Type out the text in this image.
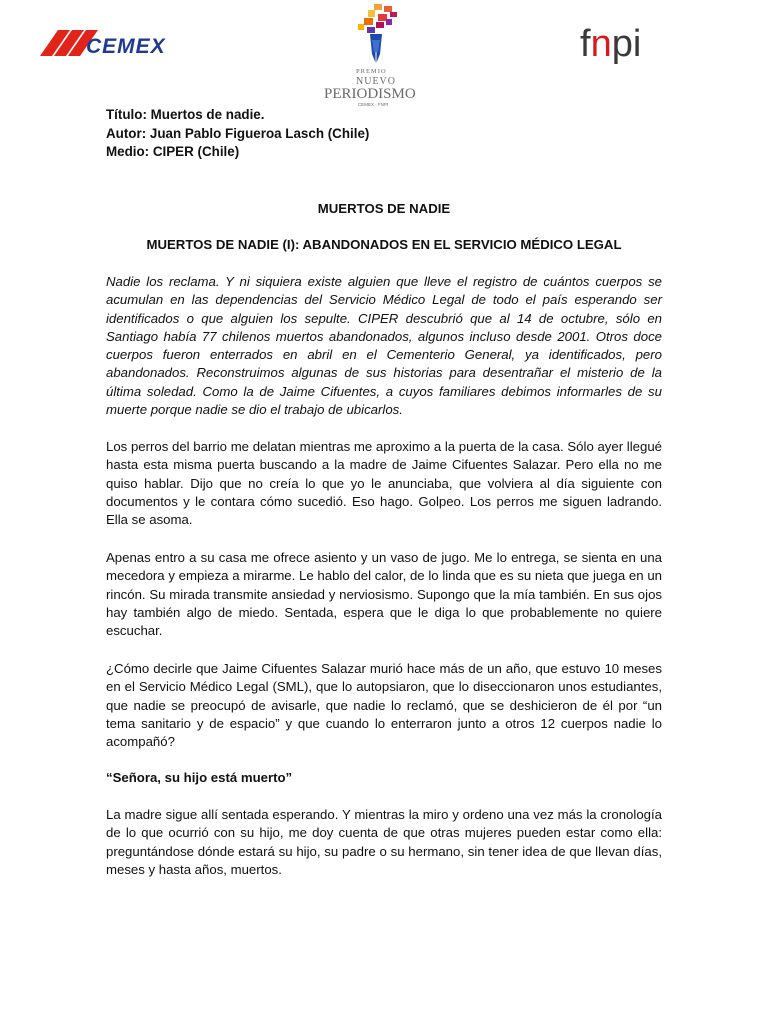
CEMEX
PREMIO
NUEVO
PERIODISMO
CEMEX · FNPI
fnpi

Título: Muertos de nadie.

Autor: Juan Pablo Figueroa Lasch (Chile)

Medio: CIPER (Chile)

MUERTOS DE NADIE

MUERTOS DE NADIE (I): ABANDONADOS EN EL SERVICIO MÉDICO LEGAL

Nadie los reclama. Y ni siquiera existe alguien que lleve el registro de cuántos cuerpos se acumulan en las dependencias del Servicio Médico Legal de todo el país esperando ser identificados o que alguien los sepulte. CIPER descubrió que al 14 de octubre, sólo en Santiago había 77 chilenos muertos abandonados, algunos incluso desde 2001. Otros doce cuerpos fueron enterrados en abril en el Cementerio General, ya identificados, pero abandonados. Reconstruimos algunas de sus historias para desentrañar el misterio de la última soledad. Como la de Jaime Cifuentes, a cuyos familiares debimos informarles de su muerte porque nadie se dio el trabajo de ubicarlos.

Los perros del barrio me delatan mientras me aproximo a la puerta de la casa. Sólo ayer llegué hasta esta misma puerta buscando a la madre de Jaime Cifuentes Salazar. Pero ella no me quiso hablar. Dijo que no creía lo que yo le anunciaba, que volviera al día siguiente con documentos y le contara cómo sucedió. Eso hago. Golpeo. Los perros me siguen ladrando. Ella se asoma.

Apenas entro a su casa me ofrece asiento y un vaso de jugo. Me lo entrega, se sienta en una mecedora y empieza a mirarme. Le hablo del calor, de lo linda que es su nieta que juega en un rincón. Su mirada transmite ansiedad y nerviosismo. Supongo que la mía también. En sus ojos hay también algo de miedo. Sentada, espera que le diga lo que probablemente no quiere escuchar.

¿Cómo decirle que Jaime Cifuentes Salazar murió hace más de un año, que estuvo 10 meses en el Servicio Médico Legal (SML), que lo autopsiaron, que lo diseccionaron unos estudiantes, que nadie se preocupó de avisarle, que nadie lo reclamó, que se deshicieron de él por “un tema sanitario y de espacio” y que cuando lo enterraron junto a otros 12 cuerpos nadie lo acompañó?

“Señora, su hijo está muerto”

La madre sigue allí sentada esperando. Y mientras la miro y ordeno una vez más la cronología de lo que ocurrió con su hijo, me doy cuenta de que otras mujeres pueden estar como ella: preguntándose dónde estará su hijo, su padre o su hermano, sin tener idea de que llevan días, meses y hasta años, muertos.
